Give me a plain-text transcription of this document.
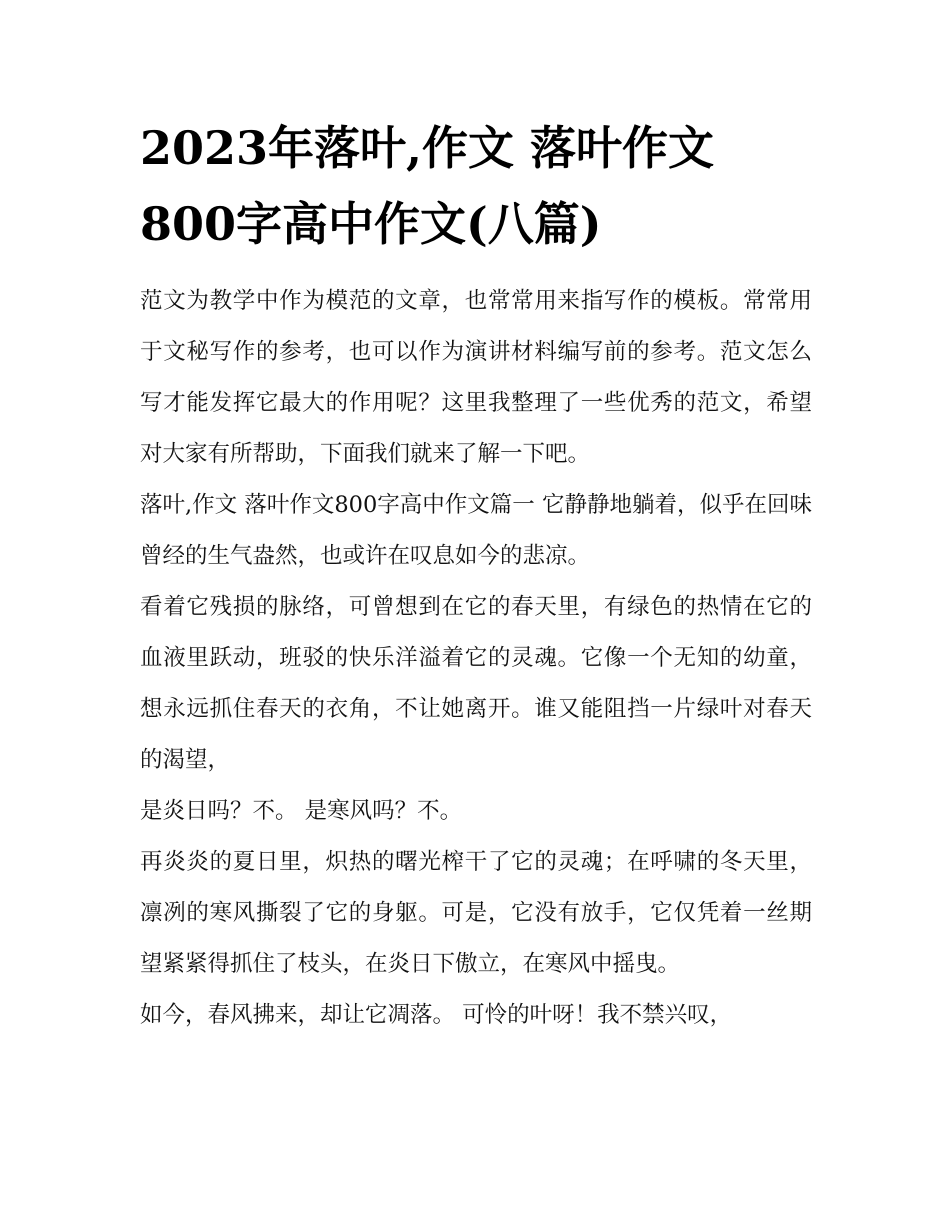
2023年落叶,作文 落叶作文
800字高中作文(八篇)

范文为教学中作为模范的文章，也常常用来指写作的模板。常常用于文秘写作的参考，也可以作为演讲材料编写前的参考。范文怎么写才能发挥它最大的作用呢？这里我整理了一些优秀的范文，希望对大家有所帮助，下面我们就来了解一下吧。

落叶,作文 落叶作文800字高中作文篇一 它静静地躺着，似乎在回味曾经的生气盎然，也或许在叹息如今的悲凉。

看着它残损的脉络，可曾想到在它的春天里，有绿色的热情在它的血液里跃动，班驳的快乐洋溢着它的灵魂。它像一个无知的幼童，想永远抓住春天的衣角，不让她离开。谁又能阻挡一片绿叶对春天的渴望，

是炎日吗？不。 是寒风吗？不。

再炎炎的夏日里，炽热的曙光榨干了它的灵魂；在呼啸的冬天里，凛冽的寒风撕裂了它的身躯。可是，它没有放手，它仅凭着一丝期望紧紧得抓住了枝头，在炎日下傲立，在寒风中摇曳。

如今，春风拂来，却让它凋落。 可怜的叶呀！我不禁兴叹，
